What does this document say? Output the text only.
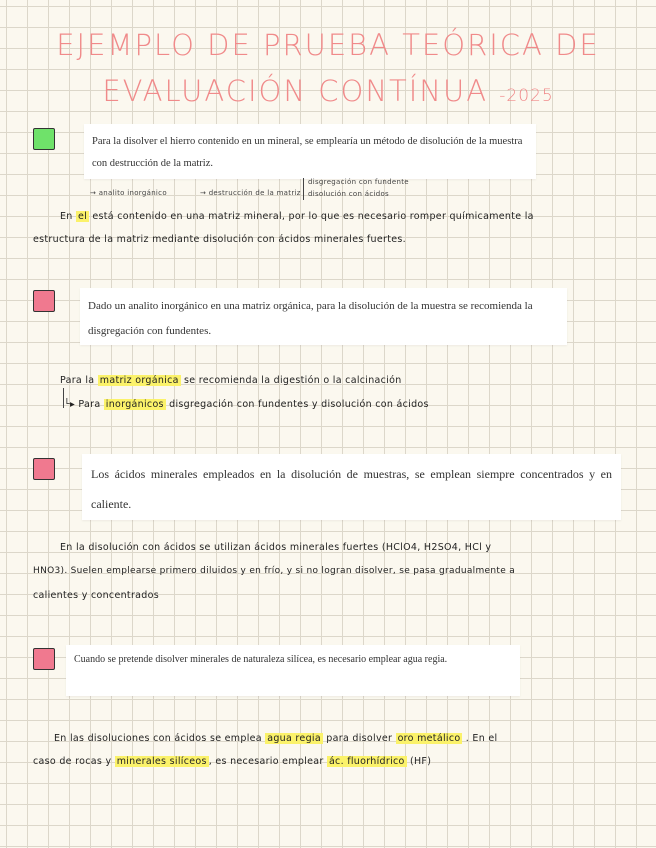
EJEMPLO DE PRUEBA TEÓRICA DE
EVALUACIÓN CONTÍNUA -2025
Para la disolver el hierro contenido en un mineral, se emplearía un método de disolución de la muestra con destrucción de la matriz.
→ analito inorgánico	→ destrucción de la matriz
disgregación con fundente
disolución con ácidos
En el está contenido en una matriz mineral, por lo que es necesario romper químicamente la
estructura de la matriz mediante disolución con ácidos minerales fuertes.
Dado un analito inorgánico en una matriz orgánica, para la disolución de la muestra se recomienda la disgregación con fundentes.
Para la matriz orgánica se recomienda la digestión o la calcinación
└▸ Para inorgánicos disgregación con fundentes y disolución con ácidos
Los ácidos minerales empleados en la disolución de muestras, se emplean siempre concentrados y en caliente.
En la disolución con ácidos se utilizan ácidos minerales fuertes (HClO4, H2SO4, HCl y
HNO3). Suelen emplearse primero diluidos y en frío, y si no logran disolver, se pasa gradualmente a
calientes y concentrados
Cuando se pretende disolver minerales de naturaleza silícea, es necesario emplear agua regia.
En las disoluciones con ácidos se emplea agua regia para disolver oro metálico . En el
caso de rocas y minerales silíceos , es necesario emplear ác. fluorhídrico (HF)
